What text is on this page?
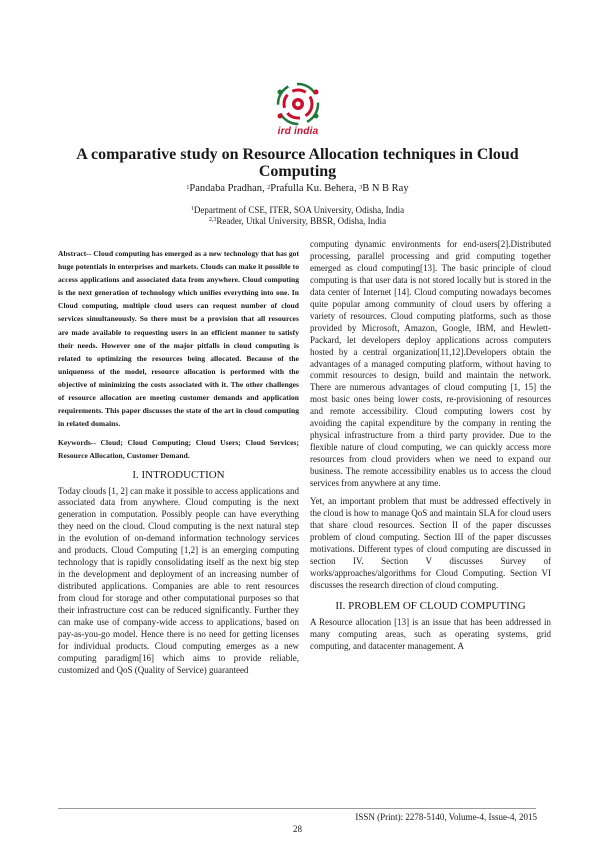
ird india
A comparative study on Resource Allocation techniques in Cloud Computing
$^1$Pandaba Pradhan, $^2$Prafulla Ku. Behera, $^3$B N B Ray
$^1$Department of CSE, ITER, SOA University, Odisha, India
$^{2,3}$Reader, Utkal University, BBSR, Odisha, India

Abstract-- Cloud computing has emerged as a new technology that has got huge potentials in enterprises and markets. Clouds can make it possible to access applications and associated data from anywhere. Cloud computing is the next generation of technology which unifies everything into one. In Cloud computing, multiple cloud users can request number of cloud services simultaneously. So there must be a provision that all resources are made available to requesting users in an efficient manner to satisfy their needs. However one of the major pitfalls in cloud computing is related to optimizing the resources being allocated. Because of the uniqueness of the model, resource allocation is performed with the objective of minimizing the costs associated with it. The other challenges of resource allocation are meeting customer demands and application requirements. This paper discusses the state of the art in cloud computing in related domains.

Keywords-- Cloud; Cloud Computing; Cloud Users; Cloud Services; Resource Allocation, Customer Demand.

I. INTRODUCTION

Today clouds [1, 2] can make it possible to access applications and associated data from anywhere. Cloud computing is the next generation in computation. Possibly people can have everything they need on the cloud. Cloud computing is the next natural step in the evolution of on-demand information technology services and products. Cloud Computing [1,2] is an emerging computing technology that is rapidly consolidating itself as the next big step in the development and deployment of an increasing number of distributed applications. Companies are able to rent resources from cloud for storage and other computational purposes so that their infrastructure cost can be reduced significantly. Further they can make use of company-wide access to applications, based on pay-as-you-go model. Hence there is no need for getting licenses for individual products. Cloud computing emerges as a new computing paradigm[16] which aims to provide reliable, customized and QoS (Quality of Service) guaranteed

computing dynamic environments for end-users[2].Distributed processing, parallel processing and grid computing together emerged as cloud computing[13]. The basic principle of cloud computing is that user data is not stored locally but is stored in the data center of Internet [14]. Cloud computing nowadays becomes quite popular among community of cloud users by offering a variety of resources. Cloud computing platforms, such as those provided by Microsoft, Amazon, Google, IBM, and Hewlett-Packard, let developers deploy applications across computers hosted by a central organization[11,12].Developers obtain the advantages of a managed computing platform, without having to commit resources to design, build and maintain the network. There are numerous advantages of cloud computing [1, 15] the most basic ones being lower costs, re-provisioning of resources and remote accessibility. Cloud computing lowers cost by avoiding the capital expenditure by the company in renting the physical infrastructure from a third party provider. Due to the flexible nature of cloud computing, we can quickly access more resources from cloud providers when we need to expand our business. The remote accessibility enables us to access the cloud services from anywhere at any time.

Yet, an important problem that must be addressed effectively in the cloud is how to manage QoS and maintain SLA for cloud users that share cloud resources. Section II of the paper discusses problem of cloud computing. Section III of the paper discusses motivations. Different types of cloud computing are discussed in section IV. Section V discusses Survey of works/approaches/algorithms for Cloud Computing. Section VI discusses the research direction of cloud computing.

II. PROBLEM OF CLOUD COMPUTING

A Resource allocation [13] is an issue that has been addressed in many computing areas, such as operating systems, grid computing, and datacenter management. A

ISSN (Print): 2278-5140, Volume-4, Issue-4, 2015
28
